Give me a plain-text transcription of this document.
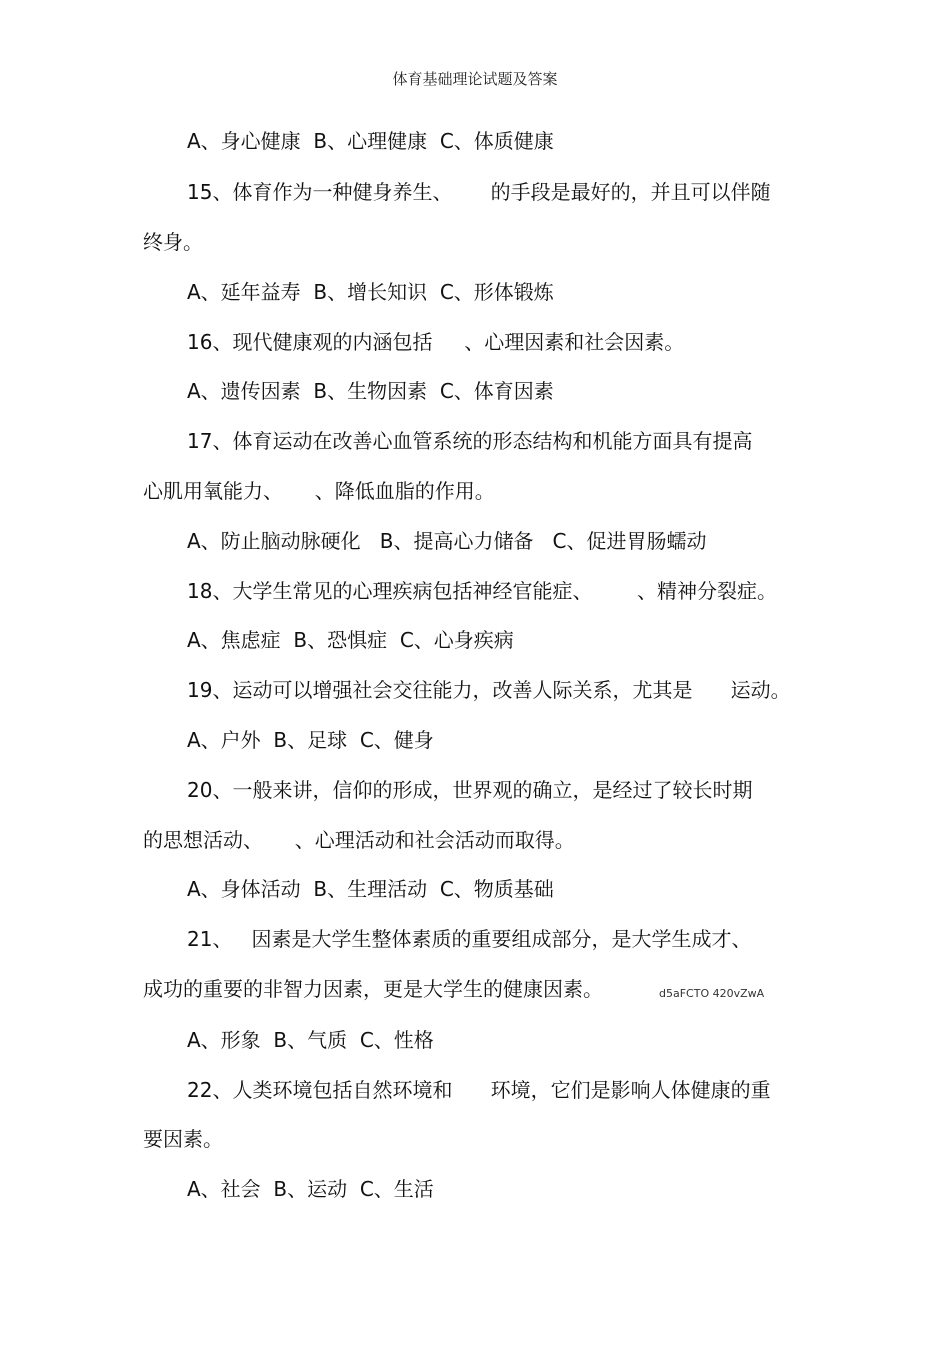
体育基础理论试题及答案
A、身心健康  B、心理健康  C、体质健康
15、体育作为一种健身养生、      的手段是最好的，并且可以伴随
终身。
A、延年益寿  B、增长知识  C、形体锻炼
16、现代健康观的内涵包括     、心理因素和社会因素。
A、遗传因素  B、生物因素  C、体育因素
17、体育运动在改善心血管系统的形态结构和机能方面具有提高
心肌用氧能力、     、降低血脂的作用。
A、防止脑动脉硬化   B、提高心力储备   C、促进胃肠蠕动
18、大学生常见的心理疾病包括神经官能症、       、精神分裂症。
A、焦虑症  B、恐惧症  C、心身疾病
19、运动可以增强社会交往能力，改善人际关系，尤其是      运动。
A、户外  B、足球  C、健身
20、一般来讲，信仰的形成，世界观的确立，是经过了较长时期
的思想活动、     、心理活动和社会活动而取得。
A、身体活动  B、生理活动  C、物质基础
21、   因素是大学生整体素质的重要组成部分，是大学生成才、
成功的重要的非智力因素，更是大学生的健康因素。	d5aFCTO 420vZwA
A、形象  B、气质  C、性格
22、人类环境包括自然环境和      环境，它们是影响人体健康的重
要因素。
A、社会  B、运动  C、生活
